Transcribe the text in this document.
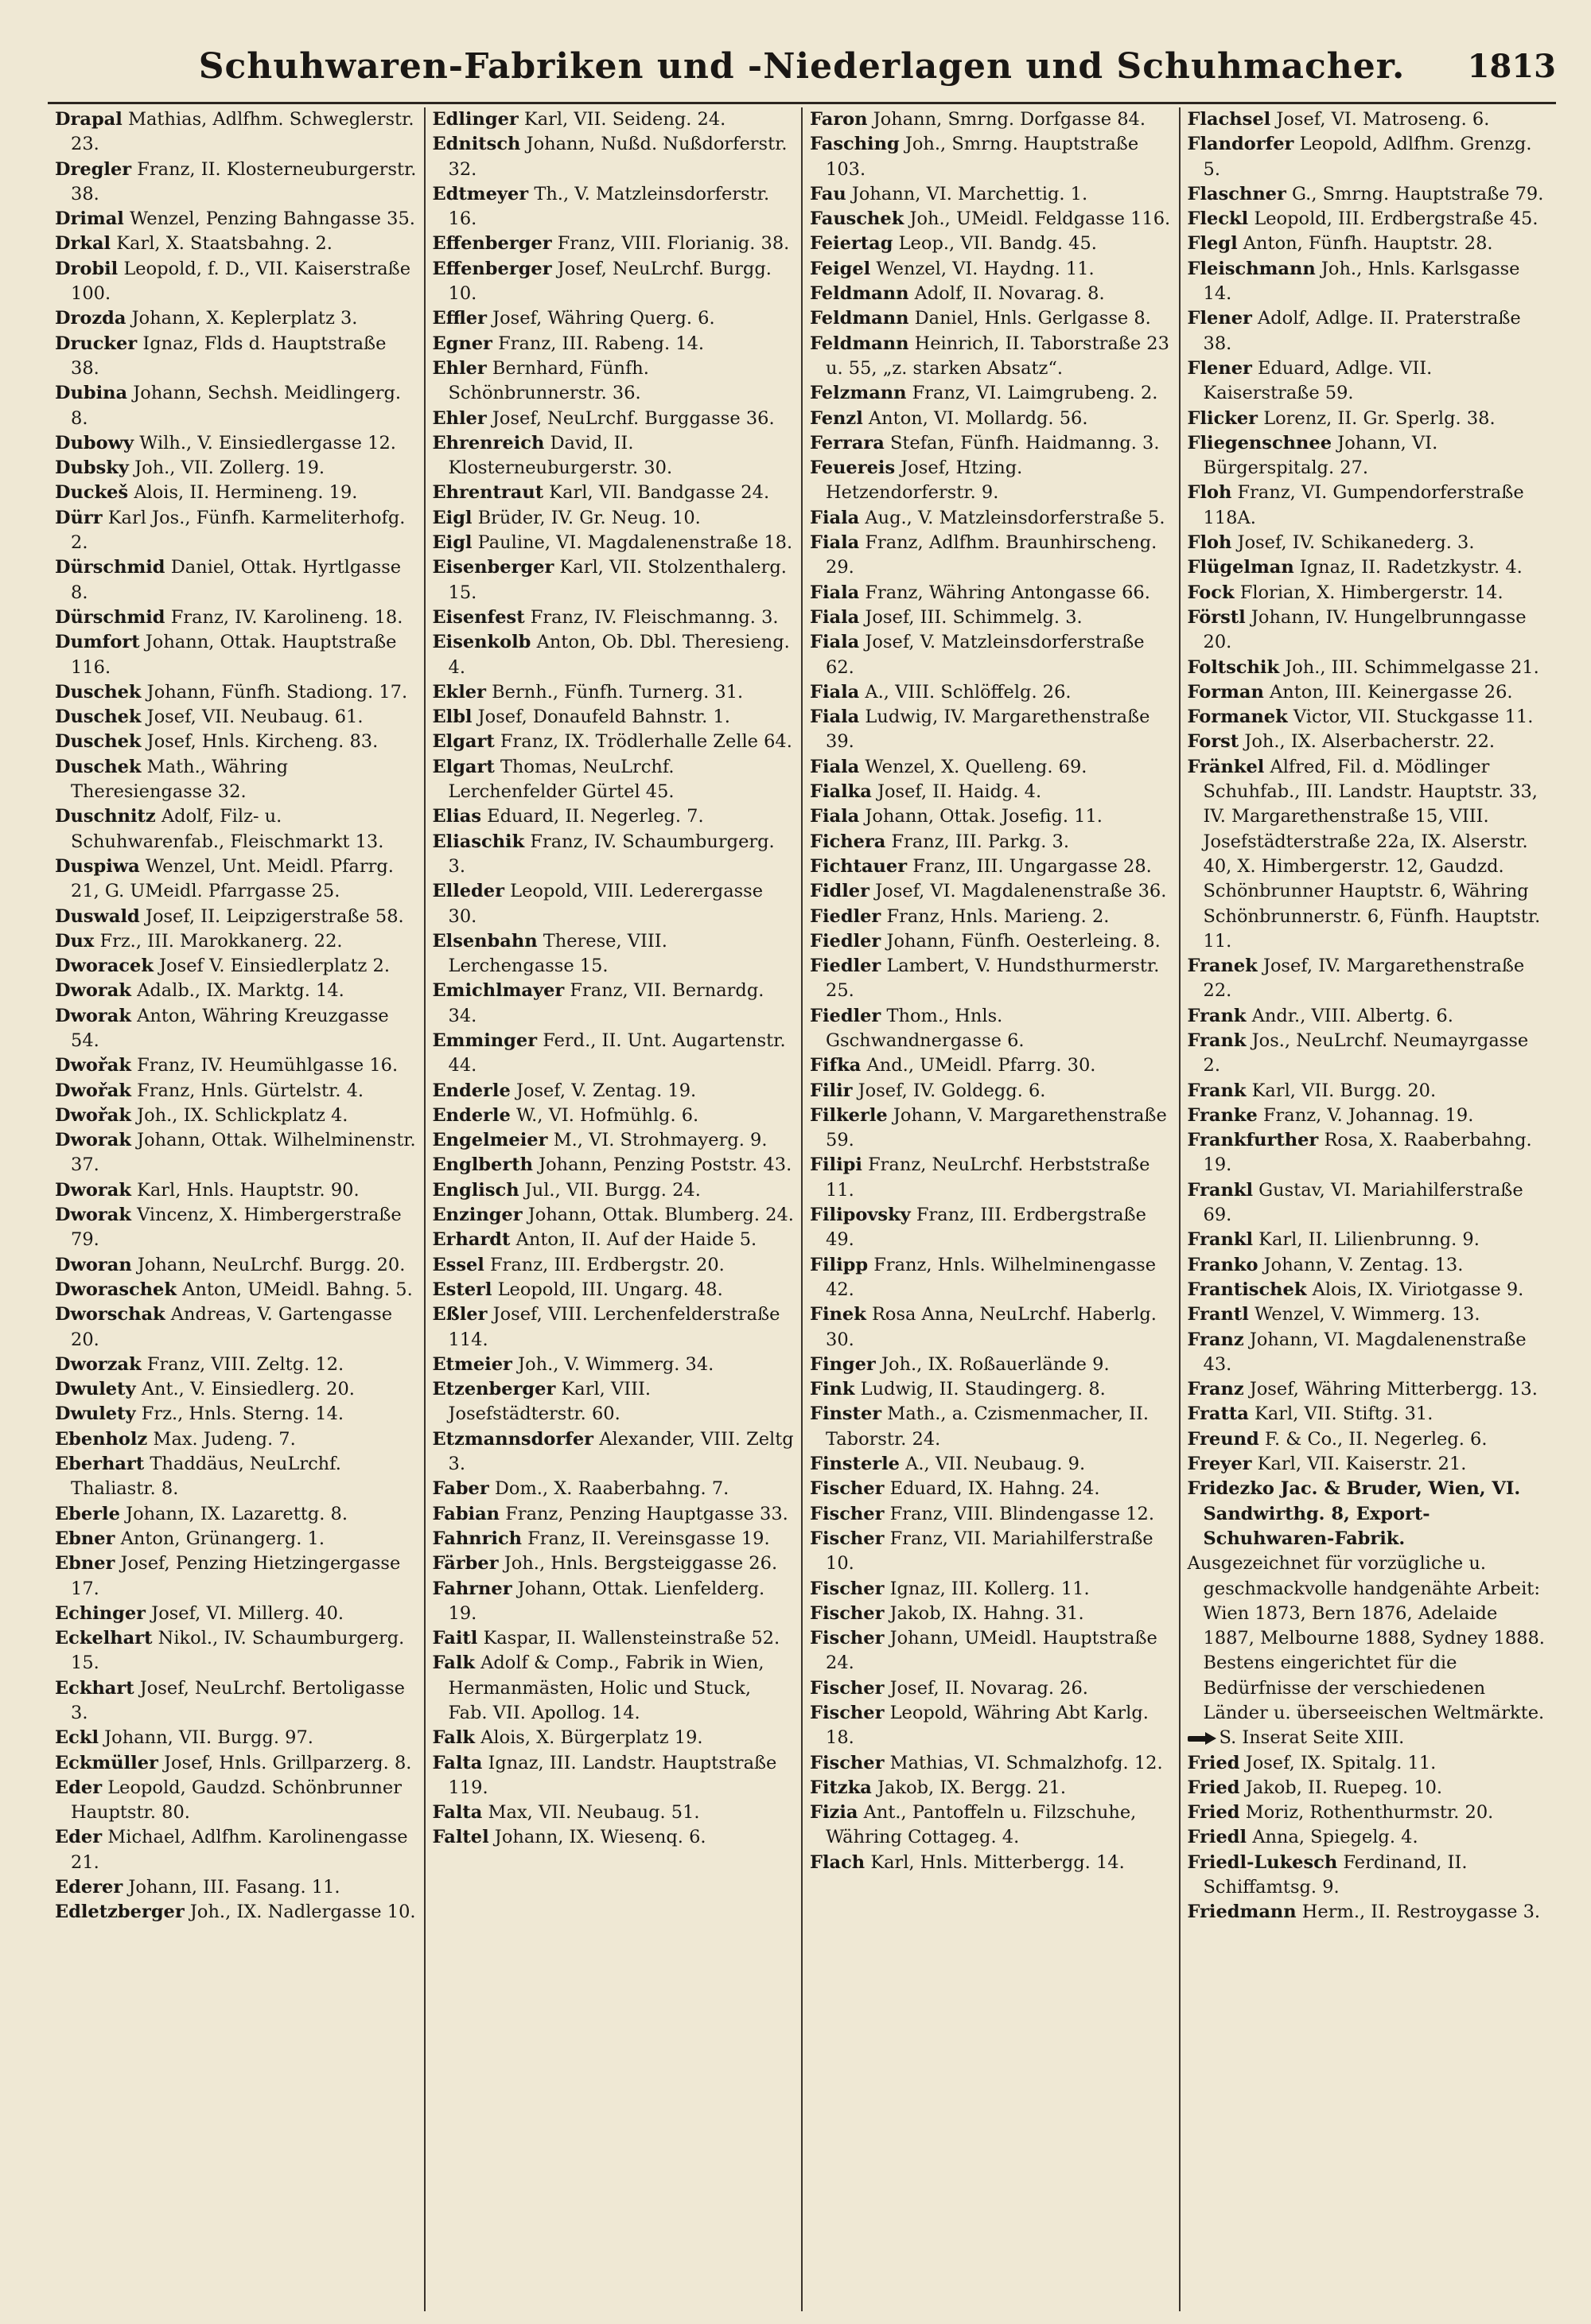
Schuhwaren-Fabriken und -Niederlagen und Schuhmacher.	1813

Drapal Mathias, Adlfhm. Schweglerstr. 23.

Dregler Franz, II. Klosterneuburgerstr. 38.

Drimal Wenzel, Penzing Bahngasse 35.

Drkal Karl, X. Staatsbahng. 2.

Drobil Leopold, f. D., VII. Kaiserstraße 100.

Drozda Johann, X. Keplerplatz 3.

Drucker Ignaz, Flds d. Hauptstraße 38.

Dubina Johann, Sechsh. Meidlingerg. 8.

Dubowy Wilh., V. Einsiedlergasse 12.

Dubsky Joh., VII. Zollerg. 19.

Duckeš Alois, II. Hermineng. 19.

Dürr Karl Jos., Fünfh. Karmeliterhofg. 2.

Dürschmid Daniel, Ottak. Hyrtlgasse 8.

Dürschmid Franz, IV. Karolineng. 18.

Dumfort Johann, Ottak. Hauptstraße 116.

Duschek Johann, Fünfh. Stadiong. 17.

Duschek Josef, VII. Neubaug. 61.

Duschek Josef, Hnls. Kircheng. 83.

Duschek Math., Währing Theresiengasse 32.

Duschnitz Adolf, Filz- u. Schuhwarenfab., Fleischmarkt 13.

Duspiwa Wenzel, Unt. Meidl. Pfarrg. 21, G. UMeidl. Pfarrgasse 25.

Duswald Josef, II. Leipzigerstraße 58.

Dux Frz., III. Marokkanerg. 22.

Dworacek Josef V. Einsiedlerplatz 2.

Dworak Adalb., IX. Marktg. 14.

Dworak Anton, Währing Kreuzgasse 54.

Dwořak Franz, IV. Heumühlgasse 16.

Dwořak Franz, Hnls. Gürtelstr. 4.

Dwořak Joh., IX. Schlickplatz 4.

Dworak Johann, Ottak. Wilhelminenstr. 37.

Dworak Karl, Hnls. Hauptstr. 90.

Dworak Vincenz, X. Himbergerstraße 79.

Dworan Johann, NeuLrchf. Burgg. 20.

Dworaschek Anton, UMeidl. Bahng. 5.

Dworschak Andreas, V. Gartengasse 20.

Dworzak Franz, VIII. Zeltg. 12.

Dwulety Ant., V. Einsiedlerg. 20.

Dwulety Frz., Hnls. Sterng. 14.

Ebenholz Max. Judeng. 7.

Eberhart Thaddäus, NeuLrchf. Thaliastr. 8.

Eberle Johann, IX. Lazarettg. 8.

Ebner Anton, Grünangerg. 1.

Ebner Josef, Penzing Hietzingergasse 17.

Echinger Josef, VI. Millerg. 40.

Eckelhart Nikol., IV. Schaumburgerg. 15.

Eckhart Josef, NeuLrchf. Bertoligasse 3.

Eckl Johann, VII. Burgg. 97.

Eckmüller Josef, Hnls. Grillparzerg. 8.

Eder Leopold, Gaudzd. Schönbrunner Hauptstr. 80.

Eder Michael, Adlfhm. Karolinengasse 21.

Ederer Johann, III. Fasang. 11.

Edletzberger Joh., IX. Nadlergasse 10.

Edlinger Karl, VII. Seideng. 24.

Ednitsch Johann, Nußd. Nußdorferstr. 32.

Edtmeyer Th., V. Matzleinsdorferstr. 16.

Effenberger Franz, VIII. Florianig. 38.

Effenberger Josef, NeuLrchf. Burgg. 10.

Effler Josef, Währing Querg. 6.

Egner Franz, III. Rabeng. 14.

Ehler Bernhard, Fünfh. Schönbrunnerstr. 36.

Ehler Josef, NeuLrchf. Burggasse 36.

Ehrenreich David, II. Klosterneuburgerstr. 30.

Ehrentraut Karl, VII. Bandgasse 24.

Eigl Brüder, IV. Gr. Neug. 10.

Eigl Pauline, VI. Magdalenenstraße 18.

Eisenberger Karl, VII. Stolzenthalerg. 15.

Eisenfest Franz, IV. Fleischmanng. 3.

Eisenkolb Anton, Ob. Dbl. Theresieng. 4.

Ekler Bernh., Fünfh. Turnerg. 31.

Elbl Josef, Donaufeld Bahnstr. 1.

Elgart Franz, IX. Trödlerhalle Zelle 64.

Elgart Thomas, NeuLrchf. Lerchenfelder Gürtel 45.

Elias Eduard, II. Negerleg. 7.

Eliaschik Franz, IV. Schaumburgerg. 3.

Elleder Leopold, VIII. Lederergasse 30.

Elsenbahn Therese, VIII. Lerchengasse 15.

Emichlmayer Franz, VII. Bernardg. 34.

Emminger Ferd., II. Unt. Augartenstr. 44.

Enderle Josef, V. Zentag. 19.

Enderle W., VI. Hofmühlg. 6.

Engelmeier M., VI. Strohmayerg. 9.

Englberth Johann, Penzing Poststr. 43.

Englisch Jul., VII. Burgg. 24.

Enzinger Johann, Ottak. Blumberg. 24.

Erhardt Anton, II. Auf der Haide 5.

Essel Franz, III. Erdbergstr. 20.

Esterl Leopold, III. Ungarg. 48.

Eßler Josef, VIII. Lerchenfelderstraße 114.

Etmeier Joh., V. Wimmerg. 34.

Etzenberger Karl, VIII. Josefstädterstr. 60.

Etzmannsdorfer Alexander, VIII. Zeltg 3.

Faber Dom., X. Raaberbahng. 7.

Fabian Franz, Penzing Hauptgasse 33.

Fahnrich Franz, II. Vereinsgasse 19.

Färber Joh., Hnls. Bergsteiggasse 26.

Fahrner Johann, Ottak. Lienfelderg. 19.

Faitl Kaspar, II. Wallensteinstraße 52.

Falk Adolf & Comp., Fabrik in Wien, Hermanmästen, Holic und Stuck, Fab. VII. Apollog. 14.

Falk Alois, X. Bürgerplatz 19.

Falta Ignaz, III. Landstr. Hauptstraße 119.

Falta Max, VII. Neubaug. 51.

Faltel Johann, IX. Wiesenq. 6.

Faron Johann, Smrng. Dorfgasse 84.

Fasching Joh., Smrng. Hauptstraße 103.

Fau Johann, VI. Marchettig. 1.

Fauschek Joh., UMeidl. Feldgasse 116.

Feiertag Leop., VII. Bandg. 45.

Feigel Wenzel, VI. Haydng. 11.

Feldmann Adolf, II. Novarag. 8.

Feldmann Daniel, Hnls. Gerlgasse 8.

Feldmann Heinrich, II. Taborstraße 23 u. 55, „z. starken Absatz“.

Felzmann Franz, VI. Laimgrubeng. 2.

Fenzl Anton, VI. Mollardg. 56.

Ferrara Stefan, Fünfh. Haidmanng. 3.

Feuereis Josef, Htzing. Hetzendorferstr. 9.

Fiala Aug., V. Matzleinsdorferstraße 5.

Fiala Franz, Adlfhm. Braunhirscheng. 29.

Fiala Franz, Währing Antongasse 66.

Fiala Josef, III. Schimmelg. 3.

Fiala Josef, V. Matzleinsdorferstraße 62.

Fiala A., VIII. Schlöffelg. 26.

Fiala Ludwig, IV. Margarethenstraße 39.

Fiala Wenzel, X. Quelleng. 69.

Fialka Josef, II. Haidg. 4.

Fiala Johann, Ottak. Josefig. 11.

Fichera Franz, III. Parkg. 3.

Fichtauer Franz, III. Ungargasse 28.

Fidler Josef, VI. Magdalenenstraße 36.

Fiedler Franz, Hnls. Marieng. 2.

Fiedler Johann, Fünfh. Oesterleing. 8.

Fiedler Lambert, V. Hundsthurmerstr. 25.

Fiedler Thom., Hnls. Gschwandnergasse 6.

Fifka And., UMeidl. Pfarrg. 30.

Filir Josef, IV. Goldegg. 6.

Filkerle Johann, V. Margarethenstraße 59.

Filipi Franz, NeuLrchf. Herbststraße 11.

Filipovsky Franz, III. Erdbergstraße 49.

Filipp Franz, Hnls. Wilhelminengasse 42.

Finek Rosa Anna, NeuLrchf. Haberlg. 30.

Finger Joh., IX. Roßauerlände 9.

Fink Ludwig, II. Staudingerg. 8.

Finster Math., a. Czismenmacher, II. Taborstr. 24.

Finsterle A., VII. Neubaug. 9.

Fischer Eduard, IX. Hahng. 24.

Fischer Franz, VIII. Blindengasse 12.

Fischer Franz, VII. Mariahilferstraße 10.

Fischer Ignaz, III. Kollerg. 11.

Fischer Jakob, IX. Hahng. 31.

Fischer Johann, UMeidl. Hauptstraße 24.

Fischer Josef, II. Novarag. 26.

Fischer Leopold, Währing Abt Karlg. 18.

Fischer Mathias, VI. Schmalzhofg. 12.

Fitzka Jakob, IX. Bergg. 21.

Fizia Ant., Pantoffeln u. Filzschuhe, Währing Cottageg. 4.

Flach Karl, Hnls. Mitterbergg. 14.

Flachsel Josef, VI. Matroseng. 6.

Flandorfer Leopold, Adlfhm. Grenzg. 5.

Flaschner G., Smrng. Hauptstraße 79.

Fleckl Leopold, III. Erdbergstraße 45.

Flegl Anton, Fünfh. Hauptstr. 28.

Fleischmann Joh., Hnls. Karlsgasse 14.

Flener Adolf, Adlge. II. Praterstraße 38.

Flener Eduard, Adlge. VII. Kaiserstraße 59.

Flicker Lorenz, II. Gr. Sperlg. 38.

Fliegenschnee Johann, VI. Bürgerspitalg. 27.

Floh Franz, VI. Gumpendorferstraße 118A.

Floh Josef, IV. Schikanederg. 3.

Flügelman Ignaz, II. Radetzkystr. 4.

Fock Florian, X. Himbergerstr. 14.

Förstl Johann, IV. Hungelbrunngasse 20.

Foltschik Joh., III. Schimmelgasse 21.

Forman Anton, III. Keinergasse 26.

Formanek Victor, VII. Stuckgasse 11.

Forst Joh., IX. Alserbacherstr. 22.

Fränkel Alfred, Fil. d. Mödlinger Schuhfab., III. Landstr. Hauptstr. 33, IV. Margarethenstraße 15, VIII. Josefstädterstraße 22a, IX. Alserstr. 40, X. Himbergerstr. 12, Gaudzd. Schönbrunner Hauptstr. 6, Währing Schönbrunnerstr. 6, Fünfh. Hauptstr. 11.

Franek Josef, IV. Margarethenstraße 22.

Frank Andr., VIII. Albertg. 6.

Frank Jos., NeuLrchf. Neumayrgasse 2.

Frank Karl, VII. Burgg. 20.

Franke Franz, V. Johannag. 19.

Frankfurther Rosa, X. Raaberbahng. 19.

Frankl Gustav, VI. Mariahilferstraße 69.

Frankl Karl, II. Lilienbrunng. 9.

Franko Johann, V. Zentag. 13.

Frantischek Alois, IX. Viriotgasse 9.

Frantl Wenzel, V. Wimmerg. 13.

Franz Johann, VI. Magdalenenstraße 43.

Franz Josef, Währing Mitterbergg. 13.

Fratta Karl, VII. Stiftg. 31.

Freund F. & Co., II. Negerleg. 6.

Freyer Karl, VII. Kaiserstr. 21.

Fridezko Jac. & Bruder, Wien, VI. Sandwirthg. 8, Export-Schuhwaren-Fabrik.

Ausgezeichnet für vorzügliche u. geschmackvolle handgenähte Arbeit: Wien 1873, Bern 1876, Adelaide 1887, Melbourne 1888, Sydney 1888. Bestens eingerichtet für die Bedürfnisse der verschiedenen Länder u. überseeischen Weltmärkte.

S. Inserat Seite XIII.

Fried Josef, IX. Spitalg. 11.

Fried Jakob, II. Ruepeg. 10.

Fried Moriz, Rothenthurmstr. 20.

Friedl Anna, Spiegelg. 4.

Friedl-Lukesch Ferdinand, II. Schiffamtsg. 9.

Friedmann Herm., II. Restroygasse 3.
